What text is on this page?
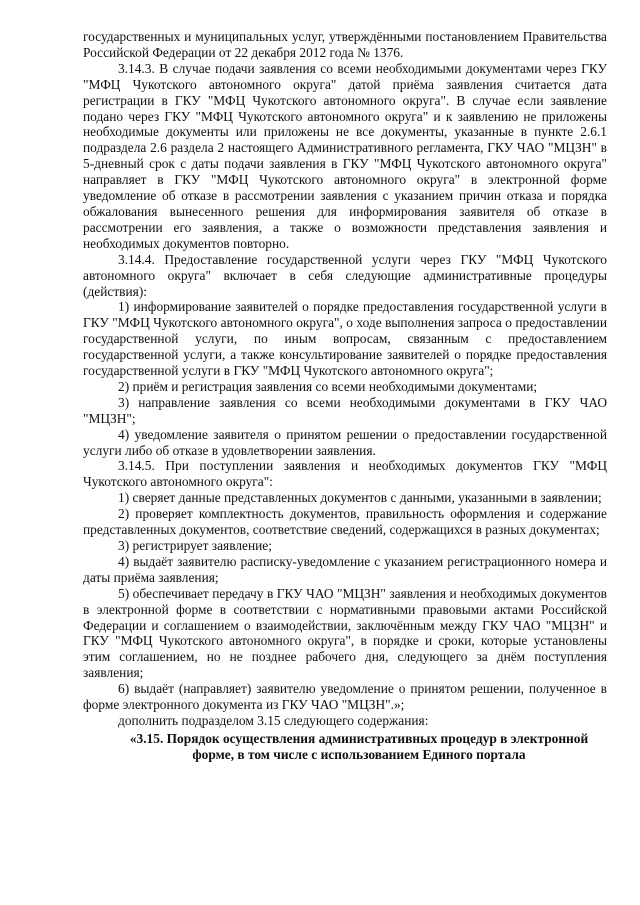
государственных и муниципальных услуг, утверждёнными постановлением Правительства Российской Федерации от 22 декабря 2012 года № 1376.

3.14.3. В случае подачи заявления со всеми необходимыми документами через ГКУ "МФЦ Чукотского автономного округа" датой приёма заявления считается дата регистрации в ГКУ "МФЦ Чукотского автономного округа". В случае если заявление подано через ГКУ "МФЦ Чукотского автономного округа" и к заявлению не приложены необходимые документы или приложены не все документы, указанные в пункте 2.6.1 подраздела 2.6 раздела 2 настоящего Административного регламента, ГКУ ЧАО "МЦЗН" в 5-дневный срок с даты подачи заявления в ГКУ "МФЦ Чукотского автономного округа" направляет в ГКУ "МФЦ Чукотского автономного округа" в электронной форме уведомление об отказе в рассмотрении заявления с указанием причин отказа и порядка обжалования вынесенного решения для информирования заявителя об отказе в рассмотрении его заявления, а также о возможности представления заявления и необходимых документов повторно.

3.14.4. Предоставление государственной услуги через ГКУ "МФЦ Чукотского автономного округа" включает в себя следующие административные процедуры (действия):

1) информирование заявителей о порядке предоставления государственной услуги в ГКУ "МФЦ Чукотского автономного округа", о ходе выполнения запроса о предоставлении государственной услуги, по иным вопросам, связанным с предоставлением государственной услуги, а также консультирование заявителей о порядке предоставления государственной услуги в ГКУ "МФЦ Чукотского автономного округа";

2) приём и регистрация заявления со всеми необходимыми документами;

3) направление заявления со всеми необходимыми документами в ГКУ ЧАО "МЦЗН";

4) уведомление заявителя о принятом решении о предоставлении государственной услуги либо об отказе в удовлетворении заявления.

3.14.5. При поступлении заявления и необходимых документов ГКУ "МФЦ Чукотского автономного округа":

1) сверяет данные представленных документов с данными, указанными в заявлении;

2) проверяет комплектность документов, правильность оформления и содержание представленных документов, соответствие сведений, содержащихся в разных документах;

3) регистрирует заявление;

4) выдаёт заявителю расписку-уведомление с указанием регистрационного номера и даты приёма заявления;

5) обеспечивает передачу в ГКУ ЧАО "МЦЗН" заявления и необходимых документов в электронной форме в соответствии с нормативными правовыми актами Российской Федерации и соглашением о взаимодействии, заключённым между ГКУ ЧАО "МЦЗН" и ГКУ "МФЦ Чукотского автономного округа", в порядке и сроки, которые установлены этим соглашением, но не позднее рабочего дня, следующего за днём поступления заявления;

6) выдаёт (направляет) заявителю уведомление о принятом решении, полученное в форме электронного документа из ГКУ ЧАО "МЦЗН".»;

дополнить подразделом 3.15 следующего содержания:

«3.15. Порядок осуществления административных процедур в электронной форме, в том числе с использованием Единого портала
